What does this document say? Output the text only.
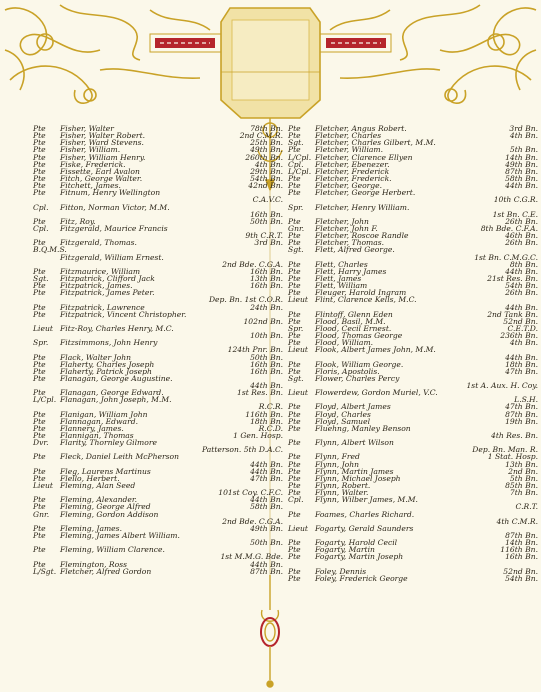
Pte	Fisher, Walter	78th Bn.
Pte	Fisher, Walter Robert.	2nd C.M.R.
Pte	Fisher, Ward Stevens.	25th Bn.
Pte	Fisher, William.	49th Bn.
Pte	Fisher, William Henry.	260th Bn.
Pte	Fiske, Frederick.	4th Bn.
Pte	Fissette, Earl Avalon	29th Bn.
Pte	Fitch, George Walter.	54th Bn.
Pte	Fitchett, James.	42nd Bn.
Pte	Fitnum, Henry Wellington
C.A.V.C.
Cpl.	Fitton, Norman Victor, M.M.
16th Bn.
Pte	Fitz, Roy.	50th Bn.
Cpl.	Fitzgerald, Maurice Francis
9th C.R.T.
Pte	Fitzgerald, Thomas.	3rd Bn.
B.Q.M.S.
Fitzgerald, William Ernest.
2nd Bde. C.G.A.
Pte	Fitzmaurice, William	16th Bn.
Sgt.	Fitzpatrick, Clifford Jack	13th Bn.
Pte	Fitzpatrick, James.	16th Bn.
Pte	Fitzpatrick, James Peter.
Dep. Bn. 1st C.O.R.
Pte	Fitzpatrick, Lawrence	24th Bn.
Pte	Fitzpatrick, Vincent Christopher.
102nd Bn.
Lieut Fitz-Roy, Charles Henry, M.C.
10th Bn.
Spr.	Fitzsimmons, John Henry
124th Pnr. Bn.
Pte	Flack, Walter John	50th Bn.
Pte	Flaherty, Charles Joseph	16th Bn.
Pte	Flaherty, Patrick Joseph	16th Bn.
Pte	Flanagan, George Augustine.
44th Bn.
Pte	Flanagan, George Edward.	1st Res. Bn.
L/Cpl. Flanagan, John Joseph, M.M.
R.C.R.
Pte	Flanigan, William John	116th Bn.
Pte	Flannagan, Edward.	18th Bn.
Pte	Flannery, James.	R.C.D.
Pte	Flannigan, Thomas	1 Gen. Hosp.
Dvr.	Flarity, Thornley Gilmore
Patterson. 5th D.A.C.
Pte	Fleck, Daniel Leith McPherson
44th Bn.
Pte	Fleg, Laurens Martinus	44th Bn.
Pte	Flello, Herbert.	47th Bn.
Lieut Fleming, Alan Seed
101st Coy. C.F.C.
Pte	Fleming, Alexander.	44th Bn.
Pte	Fleming, George Alfred	58th Bn.
Gnr.	Fleming, Gordon Addison
2nd Bde. C.G.A.
Pte	Fleming, James.	49th Bn.
Pte	Fleming, James Albert William.
50th Bn.
Pte	Fleming, William Clarence.
1st M.M.G. Bde.
Pte	Flemington, Ross	44th Bn.
L/Sgt. Fletcher, Alfred Gordon	87th Bn.
Pte	Fletcher, Angus Robert.	3rd Bn.
Pte	Fletcher, Charles	4th Bn.
Sgt.	Fletcher, Charles Gilbert, M.M.
Pte	Fletcher, William.	5th Bn.
L/Cpl. Fletcher, Clarence Ellyen	14th Bn.
Cpl.	Fletcher, Ebenezer.	49th Bn.
L/Cpl. Fletcher, Frederick	87th Bn.
Pte	Fletcher, Frederick.	58th Bn.
Pte	Fletcher, George.	44th Bn.
Pte	Fletcher, George Herbert.
10th C.G.R.
Spr.	Fletcher, Henry William.
1st Bn. C.E.
Pte	Fletcher, John	26th Bn.
Gnr.	Fletcher, John F.	8th Bde. C.F.A.
Pte	Fletcher, Roscoe Randle	46th Bn.
Pte	Fletcher, Thomas.	26th Bn.
Sgt.	Flett, Alfred George.
1st Bn. C.M.G.C.
Pte	Flett, Charles	8th Bn.
Pte	Flett, Harry James	44th Bn.
Pte	Flett, James	21st Res. Bn.
Pte	Flett, William	54th Bn.
Pte	Fleuger, Harold Ingram	26th Bn.
Lieut Flint, Clarence Kells, M.C.
44th Bn.
Pte	Flintoff, Glenn Eden	2nd Tank Bn.
Pte	Flood, Basil, M.M.	52nd Bn.
Spr.	Flood, Cecil Ernest.	C.E.T.D.
Pte	Flood, Thomas George	236th Bn.
Pte	Flood, William.	4th Bn.
Lieut Flook, Albert James John, M.M.
44th Bn.
Pte	Flook, William George.	18th Bn.
Pte	Floris, Apostolis.	47th Bn.
Sgt.	Flower, Charles Percy
1st A. Aux. H. Coy.
Lieut Flowerdew, Gordon Muriel, V.C.
L.S.H.
Pte	Floyd, Albert James	47th Bn.
Pte	Floyd, Charles	87th Bn.
Pte	Floyd, Samuel	19th Bn.
Pte	Fluehng, Manley Benson
4th Res. Bn.
Pte	Flynn, Albert Wilson
Dep. Bn. Man. R.
Pte	Flynn, Fred	1 Stat. Hosp.
Pte	Flynn, John	13th Bn.
Pte	Flynn, Martin James	2nd Bn.
Pte	Flynn, Michael Joseph	5th Bn.
Pte	Flynn, Robert.	85th Bn.
Pte	Flynn, Walter.	7th Bn.
Cpl.	Flynn, Wilber James, M.M.
C.R.T.
Pte	Foames, Charles Richard.
4th C.M.R.
Lieut Fogarty, Gerald Saunders
87th Bn.
Pte	Fogarty, Harold Cecil	14th Bn.
Pte	Fogarty, Martin	116th Bn.
Pte	Fogarty, Martin Joseph	16th Bn.
Pte	Foley, Dennis	52nd Bn.
Pte	Foley, Frederick George	54th Bn.
